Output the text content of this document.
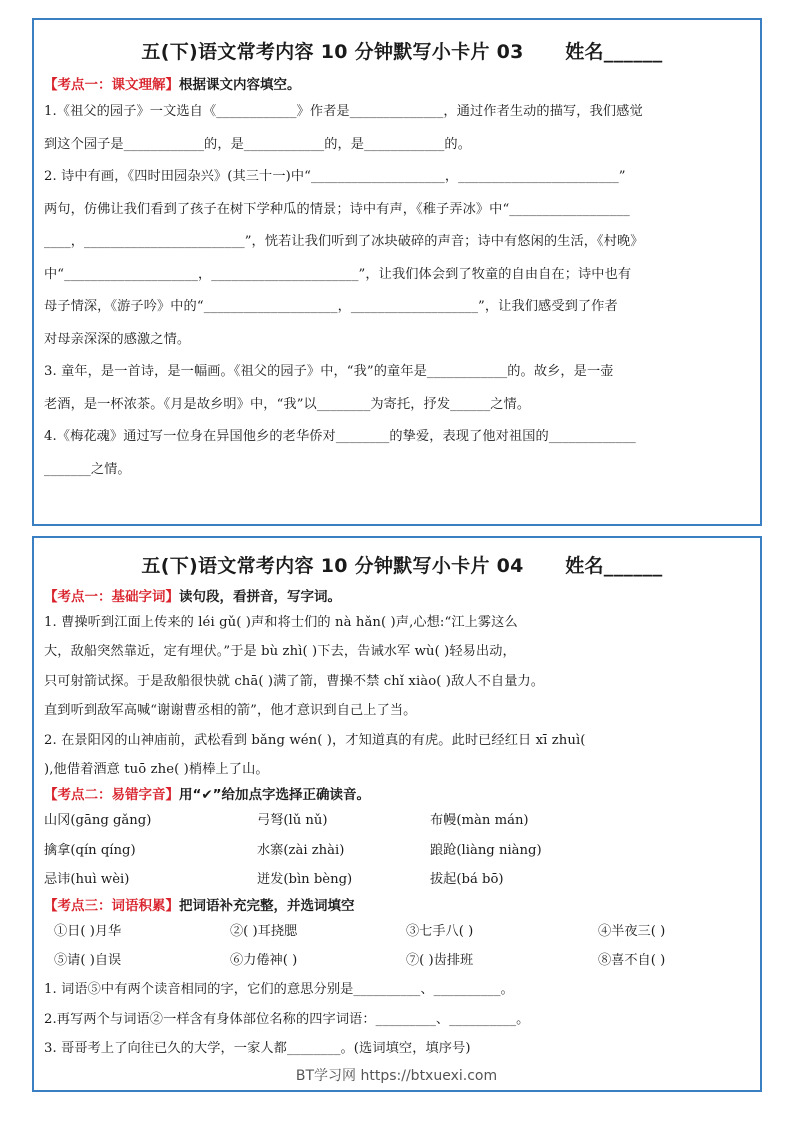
五(下)语文常考内容 10 分钟默写小卡片 03      姓名______
【考点一：课文理解】根据课文内容填空。

1.《祖父的园子》一文选自《____________》作者是______________，通过作者生动的描写，我们感觉

到这个园子是____________的，是____________的，是____________的。

2. 诗中有画，《四时田园杂兴》(其三十一)中“____________________，________________________”

两句，仿佛让我们看到了孩子在树下学种瓜的情景；诗中有声，《稚子弄冰》中“__________________

____，________________________”，恍若让我们听到了冰块破碎的声音；诗中有悠闲的生活，《村晚》

中“____________________，______________________”，让我们体会到了牧童的自由自在；诗中也有

母子情深，《游子吟》中的“____________________，___________________”，让我们感受到了作者

对母亲深深的感激之情。

3. 童年，是一首诗，是一幅画。《祖父的园子》中，“我”的童年是____________的。故乡，是一壶

老酒，是一杯浓茶。《月是故乡明》中，“我”以________为寄托，抒发______之情。

4.《梅花魂》通过写一位身在异国他乡的老华侨对________的挚爱，表现了他对祖国的_____________

_______之情。

五(下)语文常考内容 10 分钟默写小卡片 04      姓名______
【考点一：基础字词】读句段，看拼音，写字词。

1. 曹操听到江面上传来的 léi gǔ( )声和将士们的 nà hǎn( )声,心想:“江上雾这么

大，敌船突然靠近，定有埋伏。”于是 bù zhì( )下去，告诫水军 wù( )轻易出动，

只可射箭试探。于是敌船很快就 chā( )满了箭，曹操不禁 chǐ xiào( )敌人不自量力。

直到听到敌军高喊“谢谢曹丞相的箭”，他才意识到自己上了当。

2. 在景阳冈的山神庙前，武松看到 bǎng wén( )，才知道真的有虎。此时已经红日 xī zhuì(

),他借着酒意 tuō zhe( )梢棒上了山。

【考点二：易错字音】用“✔”给加点字选择正确读音。
山冈(gāng gǎng)	弓弩(lǔ nǔ)	布幔(màn mán)
擒拿(qín qíng)	水寨(zài zhài)	踉跄(liàng niàng)
忌讳(huì wèi)	迸发(bìn bèng)	拔起(bá bō)
【考点三：词语积累】把词语补充完整，并选词填空
①日( )月华	②( )耳挠腮	③七手八( )	④半夜三( )
⑤请( )自误	⑥力倦神( )	⑦( )齿排班	⑧喜不自( )

1. 词语⑤中有两个读音相同的字，它们的意思分别是__________、__________。

2.再写两个与词语②一样含有身体部位名称的四字词语：_________、__________。

3. 哥哥考上了向往已久的大学，一家人都________。(选词填空，填序号)

BT学习网 https://btxuexi.com
